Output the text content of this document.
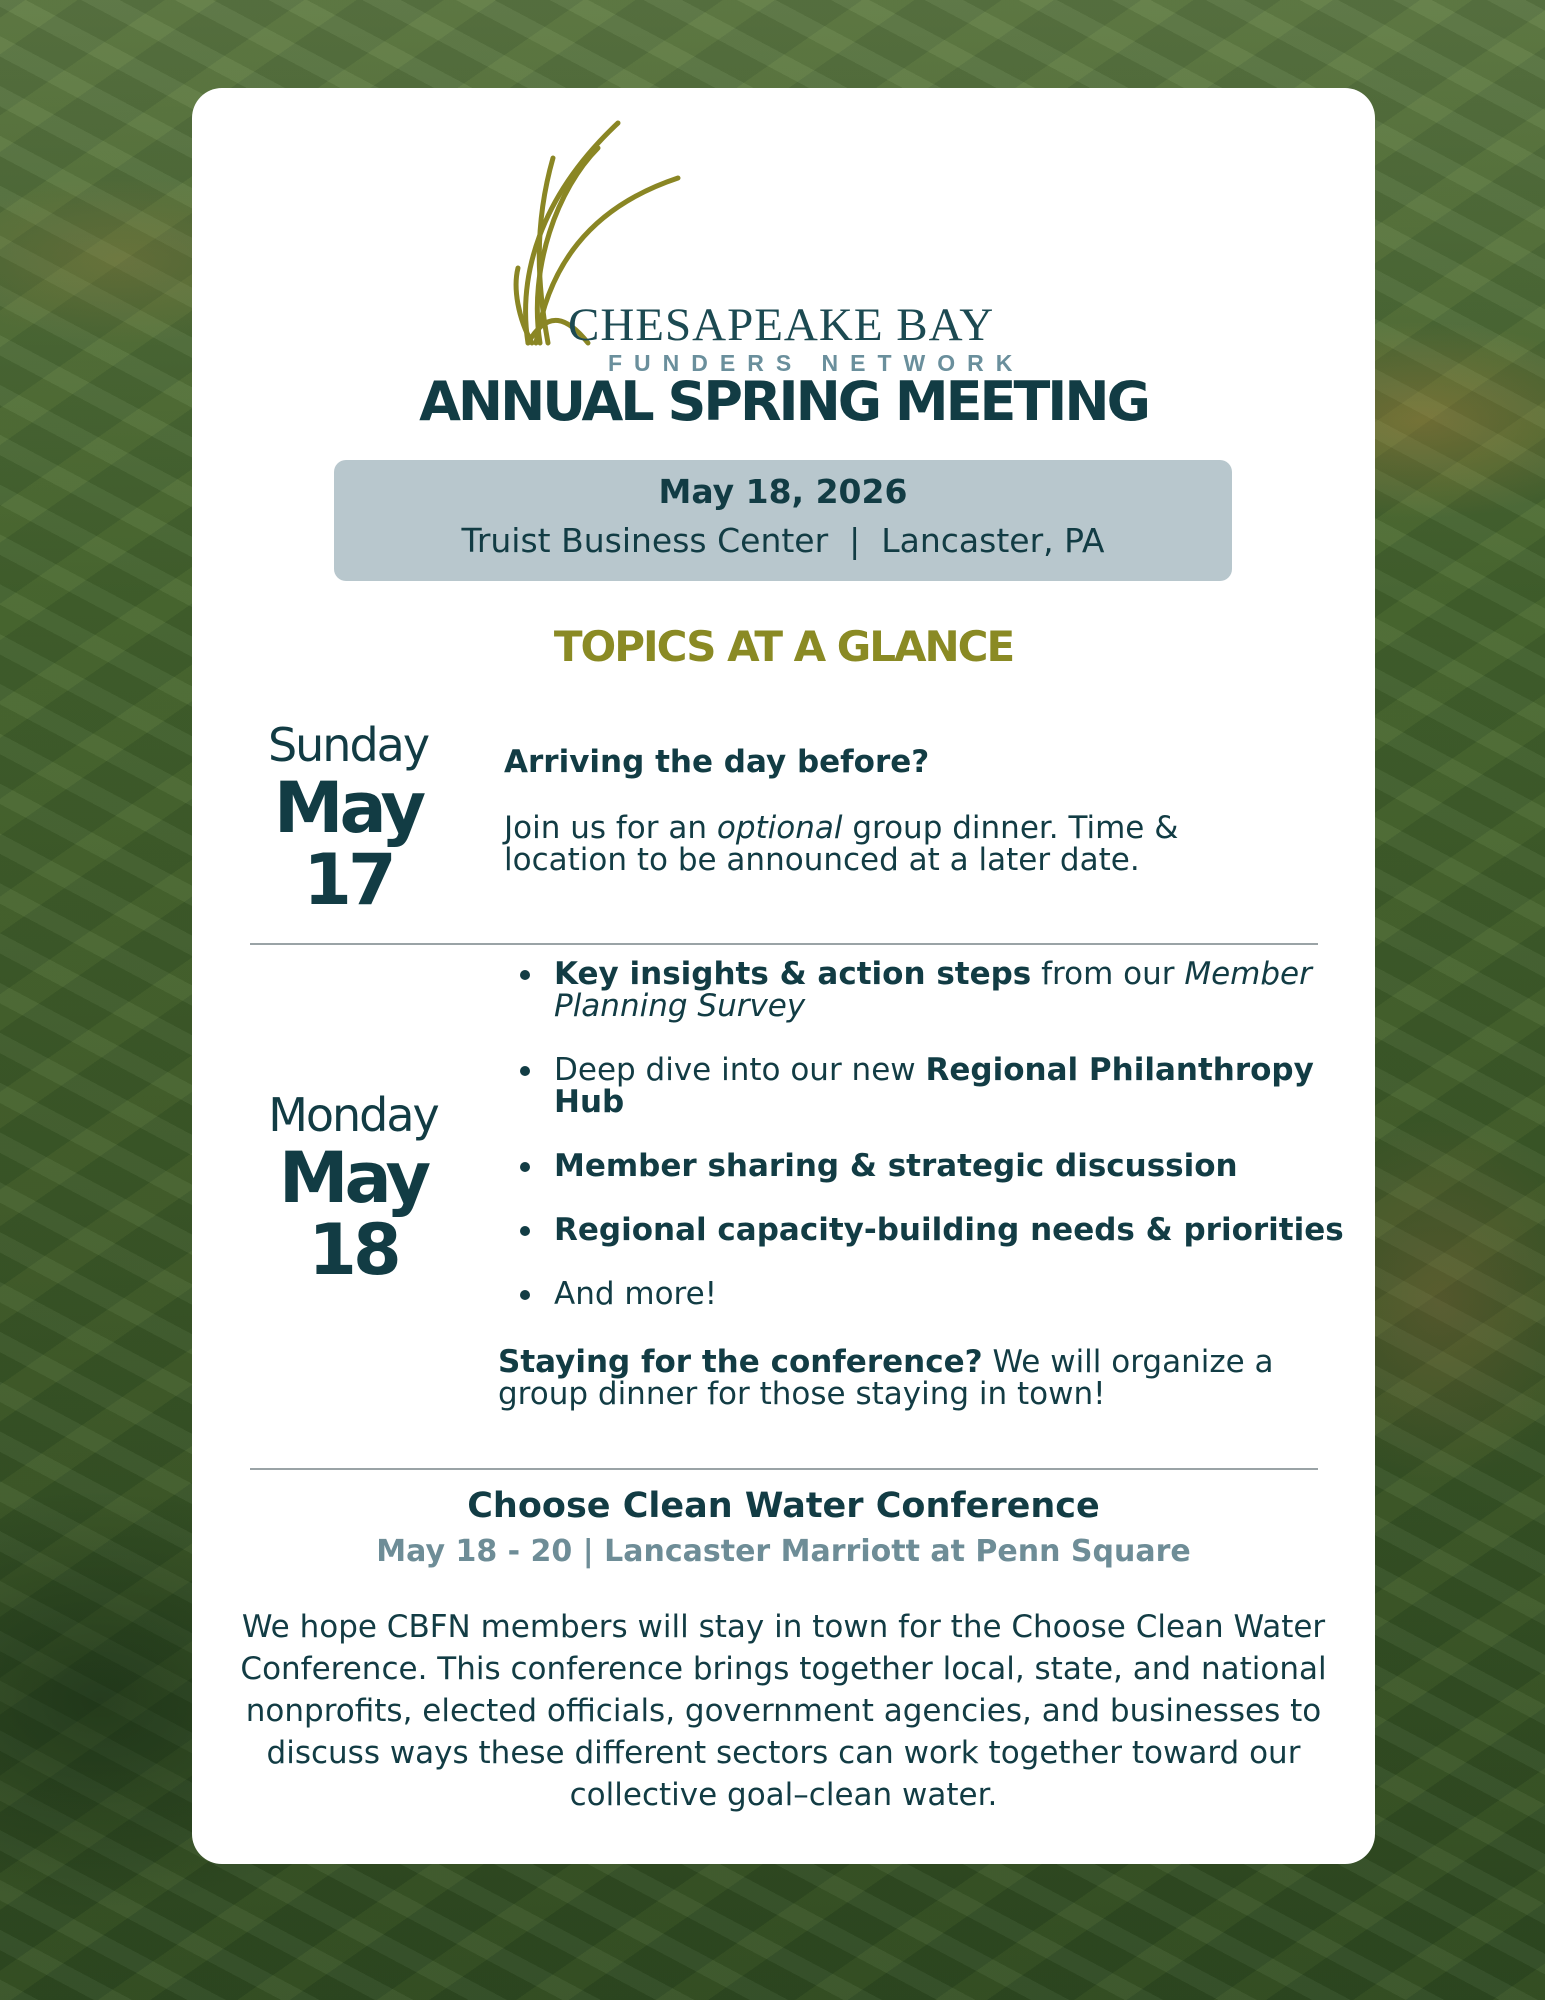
CHESAPEAKE BAY
FUNDERS NETWORK
ANNUAL SPRING MEETING
May 18, 2026
Truist Business Center  |  Lancaster, PA
TOPICS AT A GLANCE
Sunday
May
17
Arriving the day before?
Join us for an optional group dinner. Time & location to be announced at a later date.
Monday
May
18
Key insights & action steps from our Member Planning Survey
Deep dive into our new Regional Philanthropy Hub
Member sharing & strategic discussion
Regional capacity-building needs & priorities
And more!
Staying for the conference? We will organize a group dinner for those staying in town!
Choose Clean Water Conference
May 18 - 20 | Lancaster Marriott at Penn Square
We hope CBFN members will stay in town for the Choose Clean Water Conference. This conference brings together local, state, and national nonprofits, elected officials, government agencies, and businesses to discuss ways these different sectors can work together toward our collective goal–clean water.
